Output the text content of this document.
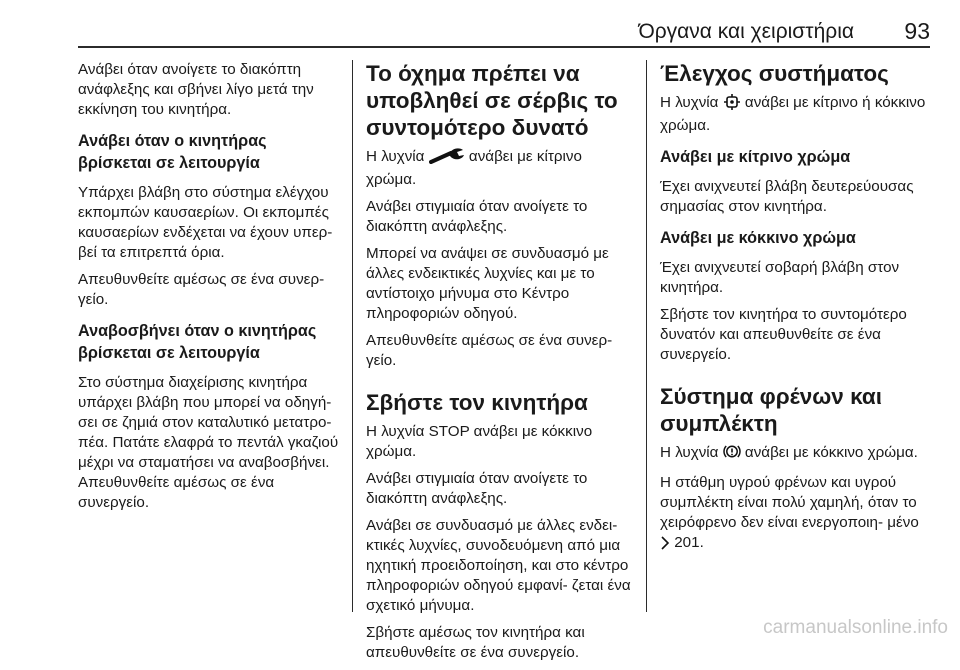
Όργανα και χειριστήρια 93

Ανάβει όταν ανοίγετε το διακόπτη ανάφλεξης και σβήνει λίγο μετά την εκκίνηση του κινητήρα.

Ανάβει όταν ο κινητήρας βρίσκεται σε λειτουργία

Υπάρχει βλάβη στο σύστημα ελέγχου εκπομπών καυσαερίων. Οι εκπομπές καυσαερίων ενδέχεται να έχουν υπερ‐ βεί τα επιτρεπτά όρια.

Απευθυνθείτε αμέσως σε ένα συνερ‐ γείο.

Αναβοσβήνει όταν ο κινητήρας βρίσκεται σε λειτουργία

Στο σύστημα διαχείρισης κινητήρα υπάρχει βλάβη που μπορεί να οδηγή‐ σει σε ζημιά στον καταλυτικό μετατρο‐ πέα. Πατάτε ελαφρά το πεντάλ γκαζιού μέχρι να σταματήσει να αναβοσβήνει. Απευθυνθείτε αμέσως σε ένα συνεργείο.

Το όχημα πρέπει να υποβληθεί σε σέρβις το συντομότερο δυνατό

Η λυχνία	ανάβει με κίτρινο χρώμα.

Ανάβει στιγμιαία όταν ανοίγετε το διακόπτη ανάφλεξης.

Μπορεί να ανάψει σε συνδυασμό με άλλες ενδεικτικές λυχνίες και με το αντίστοιχο μήνυμα στο Κέντρο πληροφοριών οδηγού.

Απευθυνθείτε αμέσως σε ένα συνερ‐ γείο.

Σβήστε τον κινητήρα

Η λυχνία STOP ανάβει με κόκκινο χρώμα.

Ανάβει στιγμιαία όταν ανοίγετε το διακόπτη ανάφλεξης.

Ανάβει σε συνδυασμό με άλλες ενδει‐ κτικές λυχνίες, συνοδευόμενη από μια ηχητική προειδοποίηση, και στο κέντρο πληροφοριών οδηγού εμφανί‐ ζεται ένα σχετικό μήνυμα.

Σβήστε αμέσως τον κινητήρα και απευθυνθείτε σε ένα συνεργείο.

Έλεγχος συστήματος

Η λυχνία ανάβει με κίτρινο ή κόκκινο χρώμα.

Ανάβει με κίτρινο χρώμα

Έχει ανιχνευτεί βλάβη δευτερεύουσας σημασίας στον κινητήρα.

Ανάβει με κόκκινο χρώμα

Έχει ανιχνευτεί σοβαρή βλάβη στον κινητήρα.

Σβήστε τον κινητήρα το συντομότερο δυνατόν και απευθυνθείτε σε ένα συνεργείο.

Σύστημα φρένων και συμπλέκτη

Η λυχνία ανάβει με κόκκινο χρώμα.

Η στάθμη υγρού φρένων και υγρού συμπλέκτη είναι πολύ χαμηλή, όταν το χειρόφρενο δεν είναι ενεργοποιη‐ μένο  201.

carmanualsonline.info
